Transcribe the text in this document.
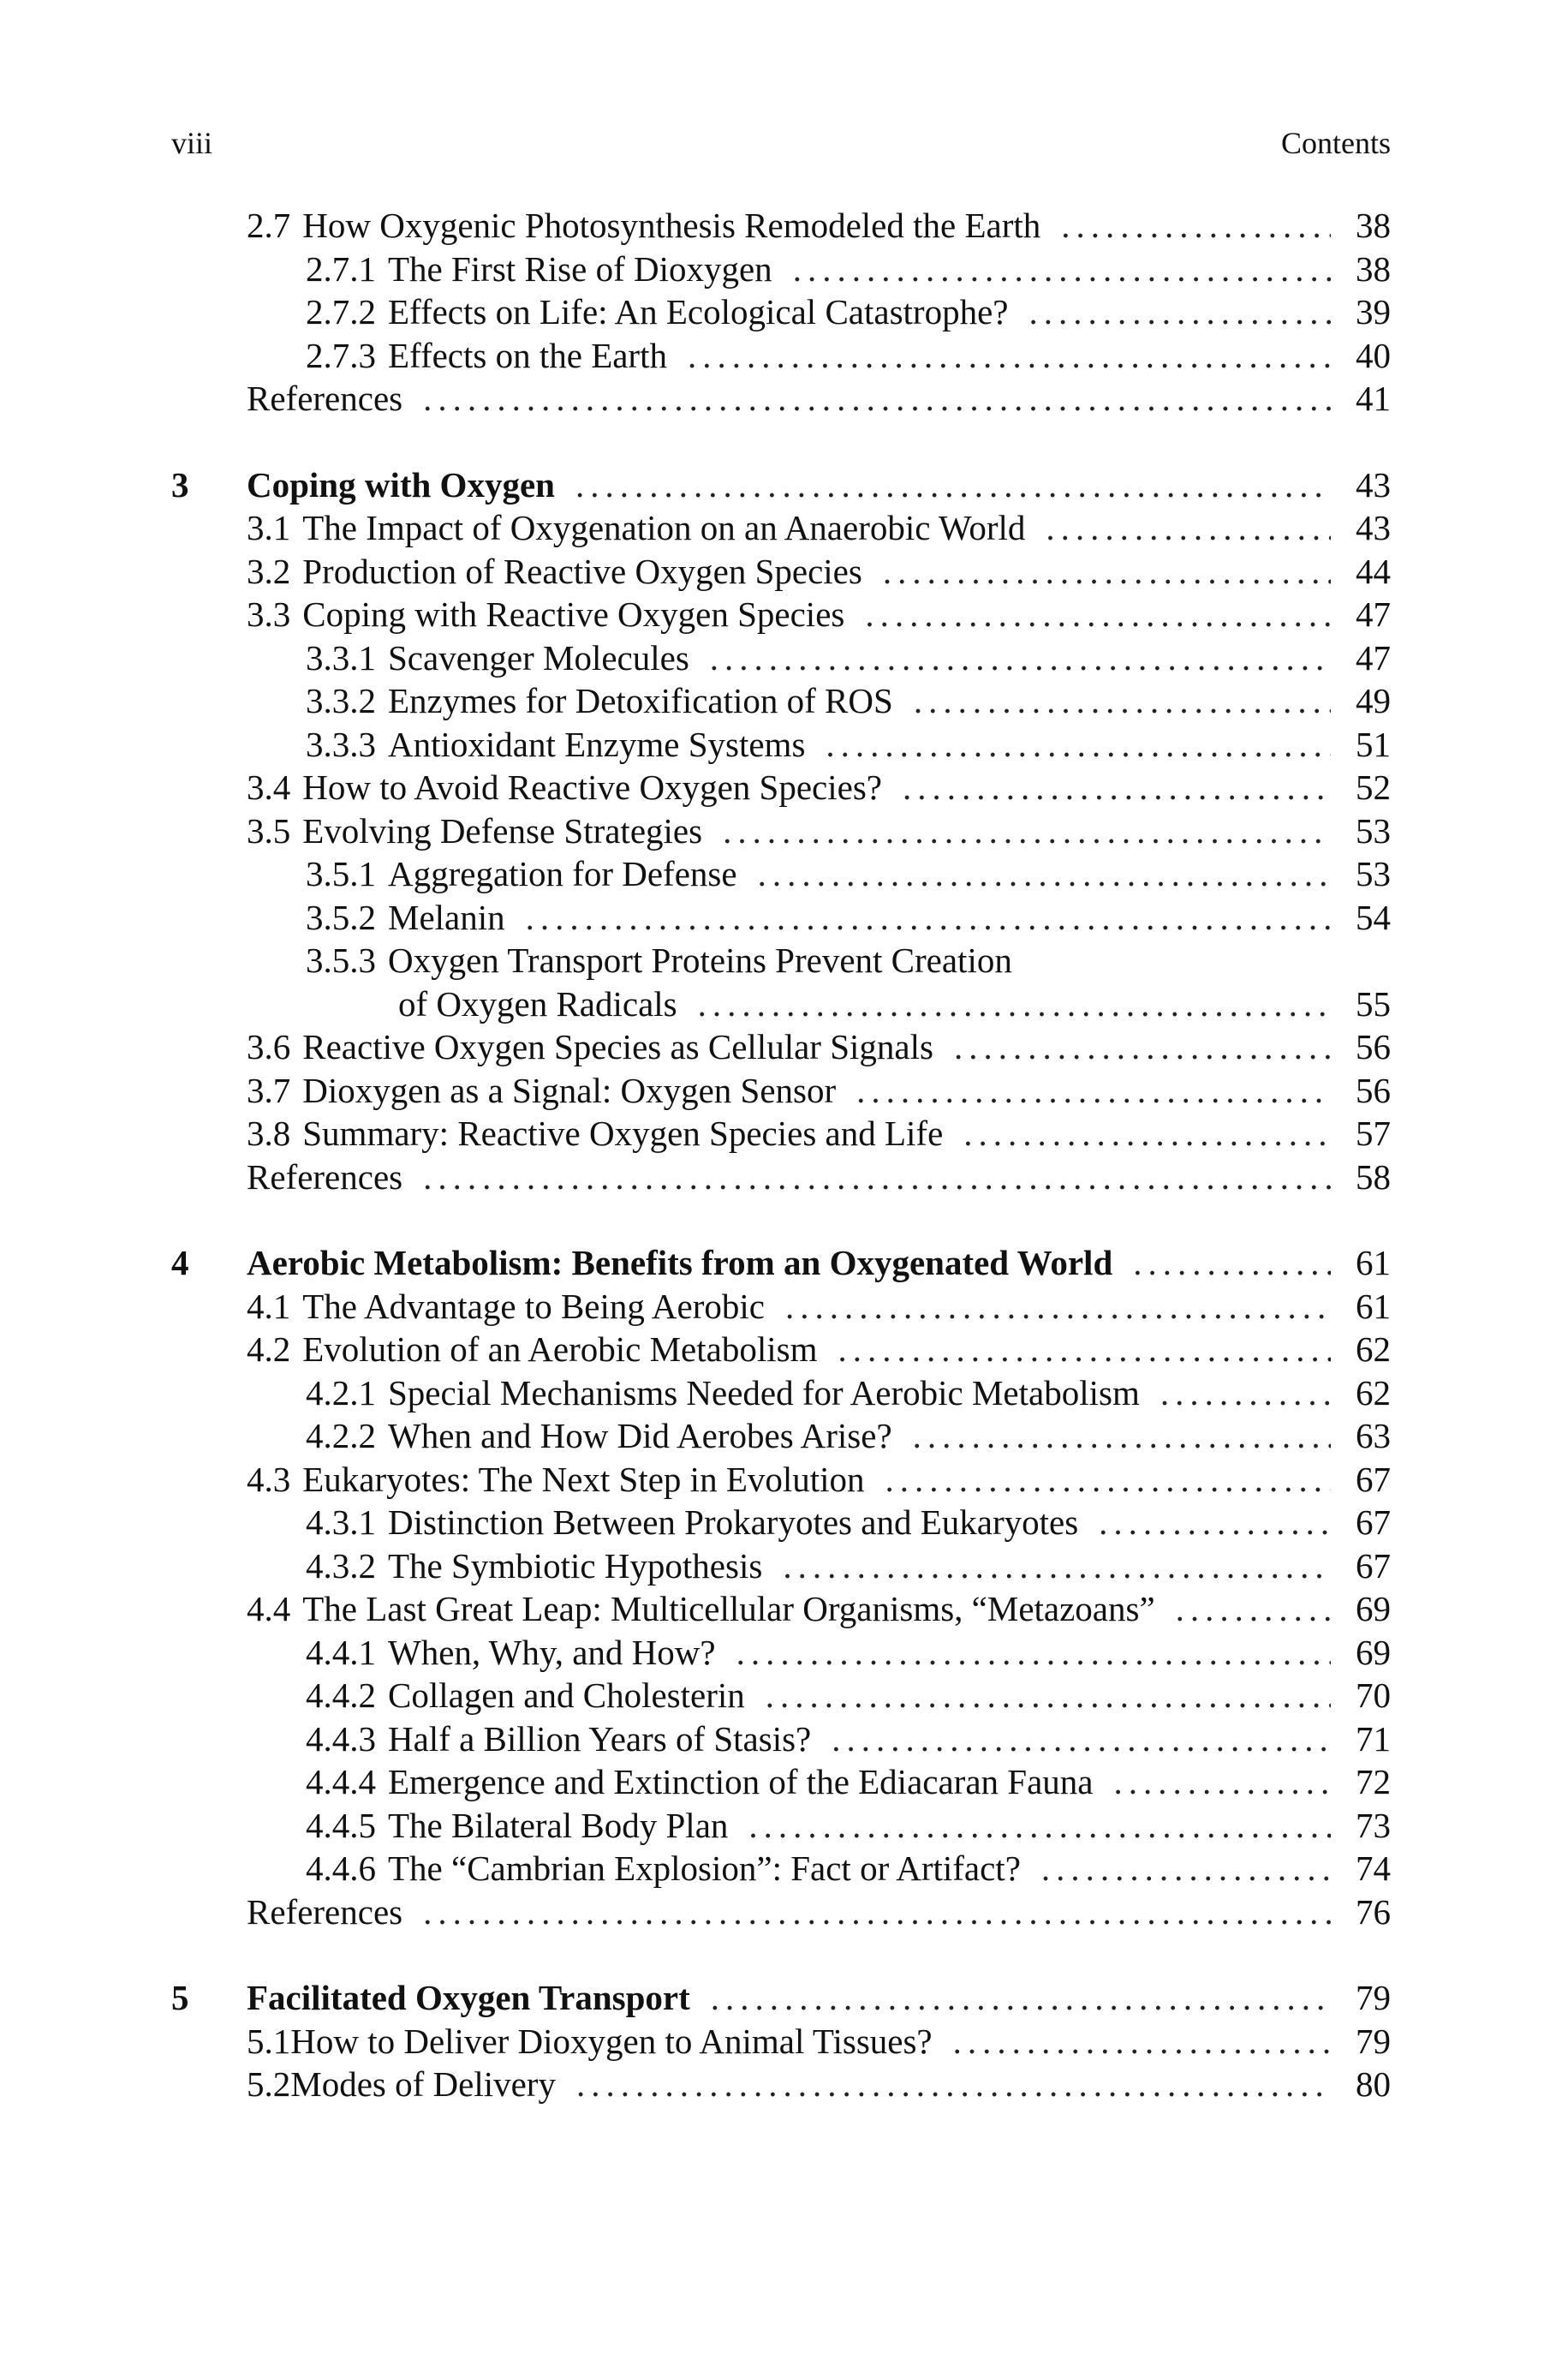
viii	Contents
2.7 How Oxygenic Photosynthesis Remodeled the Earth .....	38
2.7.1 The First Rise of Dioxygen .....	38
2.7.2 Effects on Life: An Ecological Catastrophe? .....	39
2.7.3 Effects on the Earth .....	40
References .....	41
3 Coping with Oxygen .....	43
3.1 The Impact of Oxygenation on an Anaerobic World .....	43
3.2 Production of Reactive Oxygen Species .....	44
3.3 Coping with Reactive Oxygen Species .....	47
3.3.1 Scavenger Molecules .....	47
3.3.2 Enzymes for Detoxification of ROS .....	49
3.3.3 Antioxidant Enzyme Systems .....	51
3.4 How to Avoid Reactive Oxygen Species? .....	52
3.5 Evolving Defense Strategies .....	53
3.5.1 Aggregation for Defense .....	53
3.5.2 Melanin .....	54
3.5.3 Oxygen Transport Proteins Prevent Creation
of Oxygen Radicals .....	55
3.6 Reactive Oxygen Species as Cellular Signals .....	56
3.7 Dioxygen as a Signal: Oxygen Sensor .....	56
3.8 Summary: Reactive Oxygen Species and Life .....	57
References .....	58
4 Aerobic Metabolism: Benefits from an Oxygenated World .....	61
4.1 The Advantage to Being Aerobic .....	61
4.2 Evolution of an Aerobic Metabolism .....	62
4.2.1 Special Mechanisms Needed for Aerobic Metabolism .....	62
4.2.2 When and How Did Aerobes Arise? .....	63
4.3 Eukaryotes: The Next Step in Evolution .....	67
4.3.1 Distinction Between Prokaryotes and Eukaryotes .....	67
4.3.2 The Symbiotic Hypothesis .....	67
4.4 The Last Great Leap: Multicellular Organisms, “Metazoans” .....	69
4.4.1 When, Why, and How? .....	69
4.4.2 Collagen and Cholesterin .....	70
4.4.3 Half a Billion Years of Stasis? .....	71
4.4.4 Emergence and Extinction of the Ediacaran Fauna .....	72
4.4.5 The Bilateral Body Plan .....	73
4.4.6 The “Cambrian Explosion”: Fact or Artifact? .....	74
References .....	76
5 Facilitated Oxygen Transport .....	79
5.1 How to Deliver Dioxygen to Animal Tissues? .....	79
5.2 Modes of Delivery .....	80
